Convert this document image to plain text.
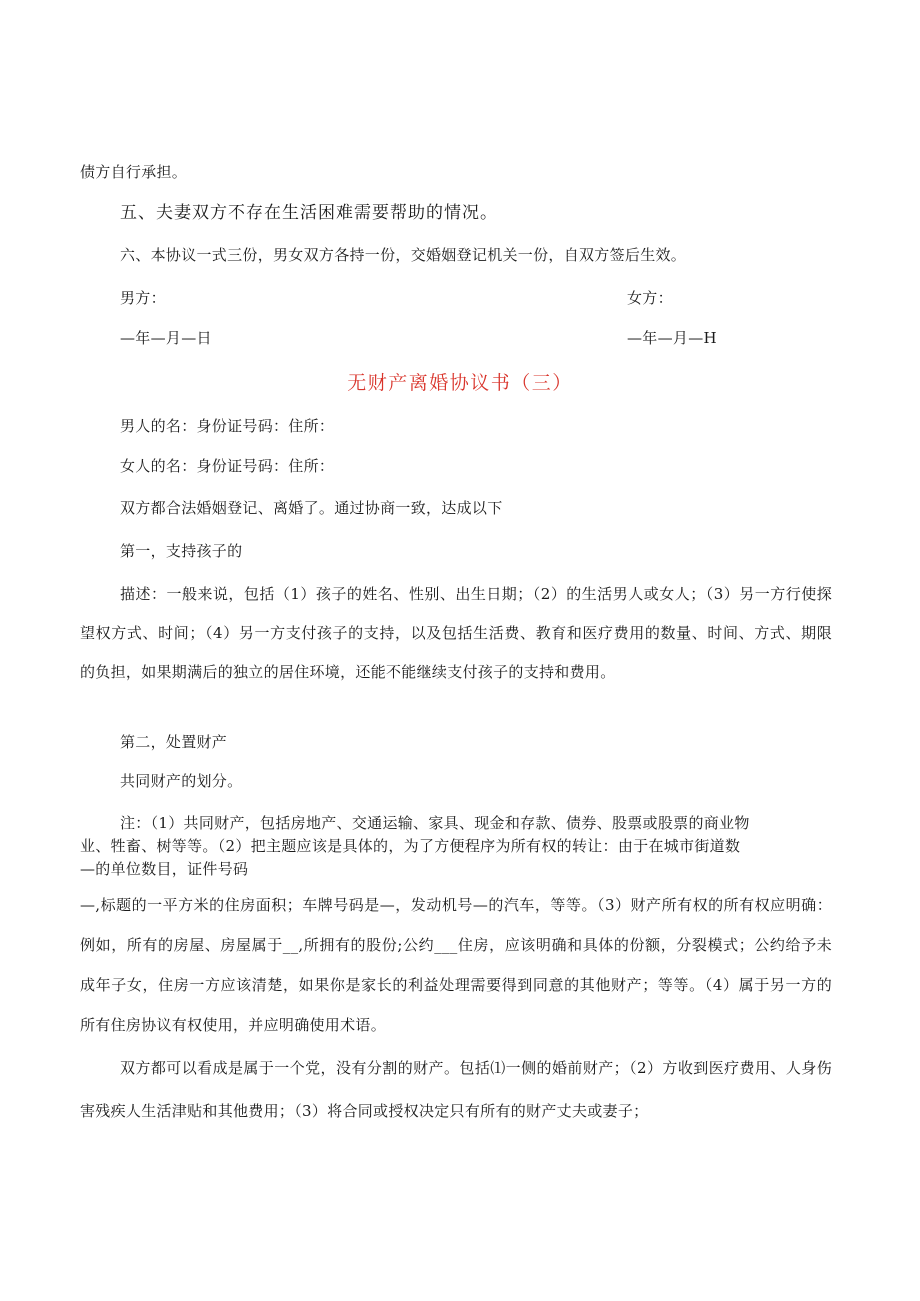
债方自行承担。
五、夫妻双方不存在生活困难需要帮助的情况。
六、本协议一式三份，男女双方各持一份，交婚姻登记机关一份，自双方签后生效。
男方：	女方：
—年—月—日	—年—月—H
无财产离婚协议书（三）
男人的名：身份证号码：住所：
女人的名：身份证号码：住所：
双方都合法婚姻登记、离婚了。通过协商一致，达成以下
第一，支持孩子的
描述：一般来说，包括（1）孩子的姓名、性别、出生日期；（2）的生活男人或女人；（3）另一方行使探望权方式、时间；（4）另一方支付孩子的支持，以及包括生活费、教育和医疗费用的数量、时间、方式、期限的负担，如果期满后的独立的居住环境，还能不能继续支付孩子的支持和费用。
第二，处置财产
共同财产的划分。
注：（1）共同财产，包括房地产、交通运输、家具、现金和存款、债券、股票或股票的商业物
业、牲畜、树等等。（2）把主题应该是具体的，为了方便程序为所有权的转让：由于在城市街道数
—的单位数目，证件号码
—,标题的一平方米的住房面积；车牌号码是—，发动机号—的汽车，等等。（3）财产所有权的所有权应明确：例如，所有的房屋、房屋属于__,所拥有的股份;公约___住房，应该明确和具体的份额，分裂模式；公约给予未成年子女，住房一方应该清楚，如果你是家长的利益处理需要得到同意的其他财产；等等。（4）属于另一方的所有住房协议有权使用，并应明确使用术语。
双方都可以看成是属于一个党，没有分割的财产。包括⑴一侧的婚前财产；（2）方收到医疗费用、人身伤害残疾人生活津贴和其他费用；（3）将合同或授权决定只有所有的财产丈夫或妻子；
